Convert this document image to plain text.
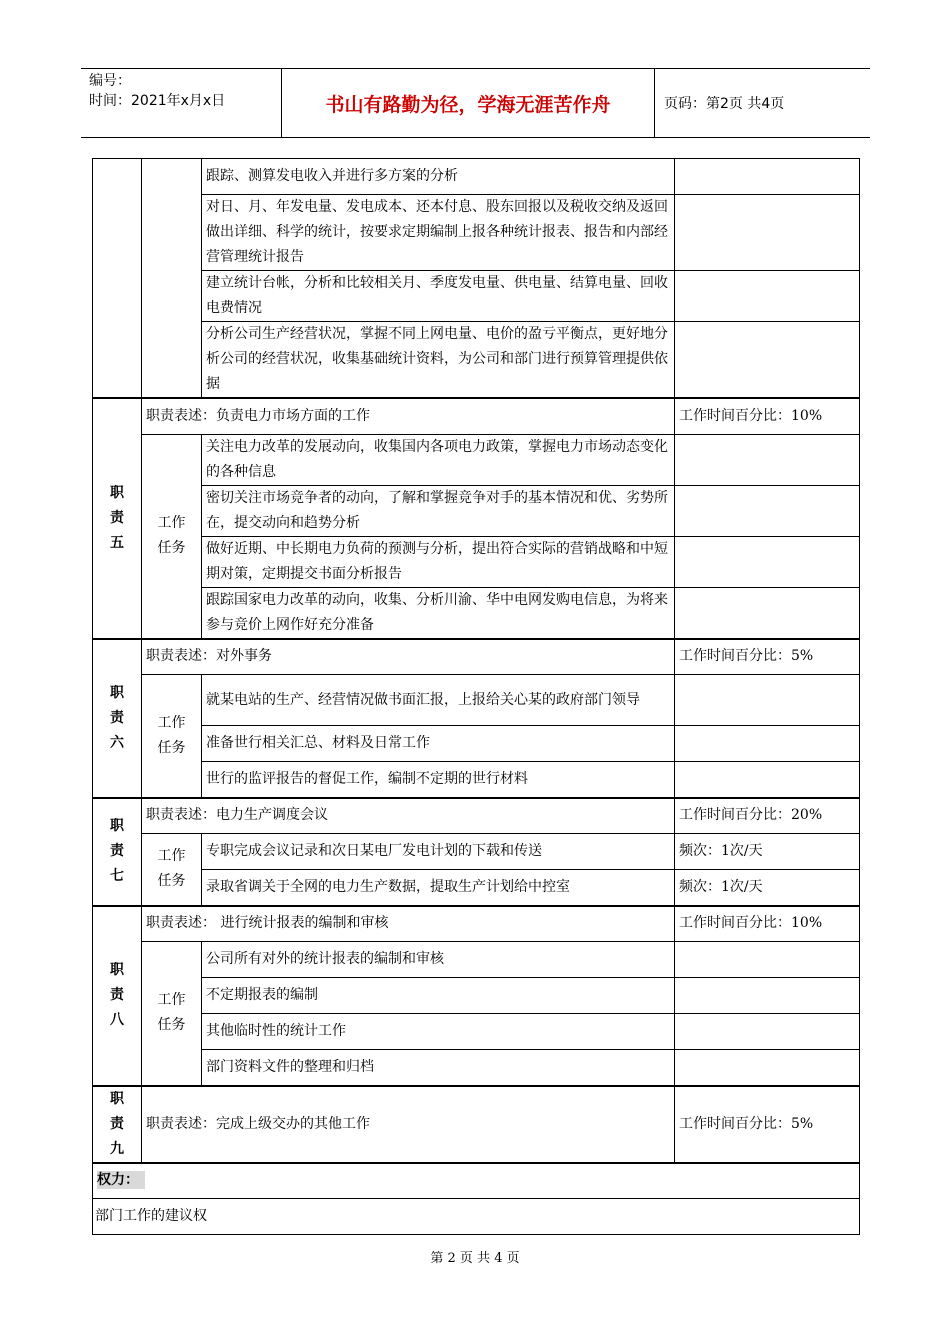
编号：
时间：2021年x月x日	书山有路勤为径，学海无涯苦作舟	页码：第2页 共4页
		跟踪、测算发电收入并进行多方案的分析	
		对日、月、年发电量、发电成本、还本付息、股东回报以及税收交纳及返回做出详细、科学的统计，按要求定期编制上报各种统计报表、报告和内部经营管理统计报告	
		建立统计台帐，分析和比较相关月、季度发电量、供电量、结算电量、回收电费情况	
		分析公司生产经营状况，掌握不同上网电量、电价的盈亏平衡点，更好地分析公司的经营状况，收集基础统计资料，为公司和部门进行预算管理提供依据	

职责五	职责表述：负责电力市场方面的工作		工作时间百分比：10%

	工作任务	关注电力改革的发展动向，收集国内各项电力政策，掌握电力市场动态变化的各种信息	
		密切关注市场竞争者的动向，了解和掌握竞争对手的基本情况和优、劣势所在，提交动向和趋势分析	
		做好近期、中长期电力负荷的预测与分析，提出符合实际的营销战略和中短期对策，定期提交书面分析报告	
		跟踪国家电力改革的动向，收集、分析川渝、华中电网发购电信息，为将来参与竞价上网作好充分准备	

职责六	职责表述：对外事务		工作时间百分比：5%

	工作任务	就某电站的生产、经营情况做书面汇报，上报给关心某的政府部门领导	
		准备世行相关汇总、材料及日常工作	
		世行的监评报告的督促工作，编制不定期的世行材料	

职责七	职责表述：电力生产调度会议		工作时间百分比：20%

	工作任务	专职完成会议记录和次日某电厂发电计划的下载和传送	频次：1次/天
		录取省调关于全网的电力生产数据，提取生产计划给中控室	频次：1次/天

职责八	职责表述： 进行统计报表的编制和审核		工作时间百分比：10%

	工作任务	公司所有对外的统计报表的编制和审核	
		不定期报表的编制	
		其他临时性的统计工作	
		部门资料文件的整理和归档	

职责九	职责表述：完成上级交办的其他工作		工作时间百分比：5%
权力：			
部门工作的建议权			
第 2 页 共 4 页
